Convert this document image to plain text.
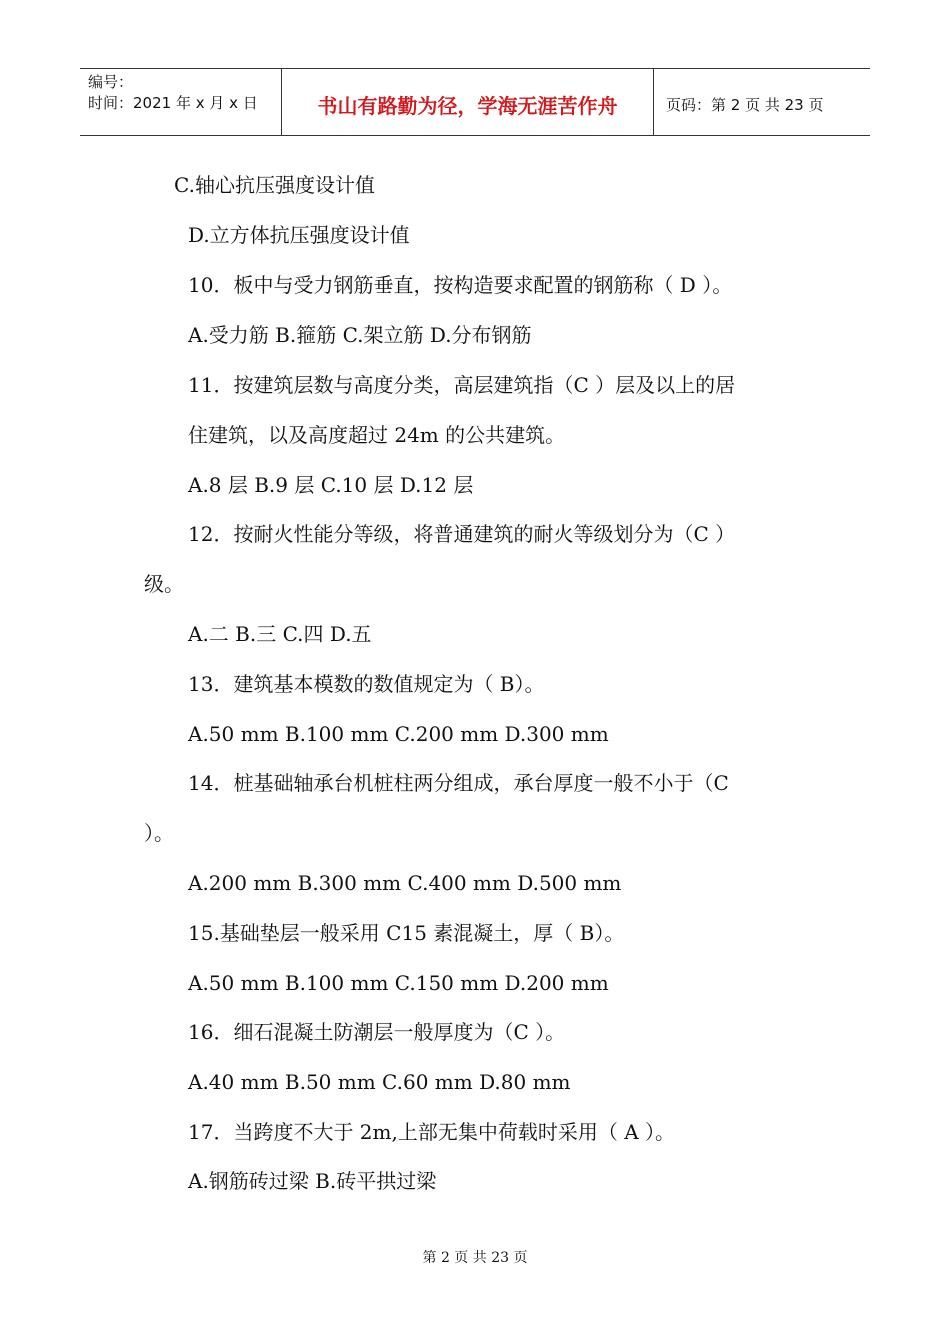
编号：
时间：2021 年 x 月 x 日	书山有路勤为径，学海无涯苦作舟	页码：第 2 页 共 23 页
C.轴心抗压强度设计值
D.立方体抗压强度设计值
10．板中与受力钢筋垂直，按构造要求配置的钢筋称（ D ）。
A.受力筋 B.箍筋 C.架立筋 D.分布钢筋
11．按建筑层数与高度分类，高层建筑指（C ）层及以上的居
住建筑，以及高度超过 24m 的公共建筑。
A.8 层 B.9 层 C.10 层 D.12 层
12．按耐火性能分等级，将普通建筑的耐火等级划分为（C ）
级。
A.二 B.三 C.四 D.五
13．建筑基本模数的数值规定为（ B）。
A.50 mm B.100 mm C.200 mm D.300 mm
14．桩基础轴承台机桩柱两分组成，承台厚度一般不小于（C
）。
A.200 mm B.300 mm C.400 mm D.500 mm
15.基础垫层一般采用 C15 素混凝土，厚（ B）。
A.50 mm B.100 mm C.150 mm D.200 mm
16．细石混凝土防潮层一般厚度为（C ）。
A.40 mm B.50 mm C.60 mm D.80 mm
17．当跨度不大于 2m,上部无集中荷载时采用（ A ）。
A.钢筋砖过梁 B.砖平拱过梁
第 2 页 共 23 页
